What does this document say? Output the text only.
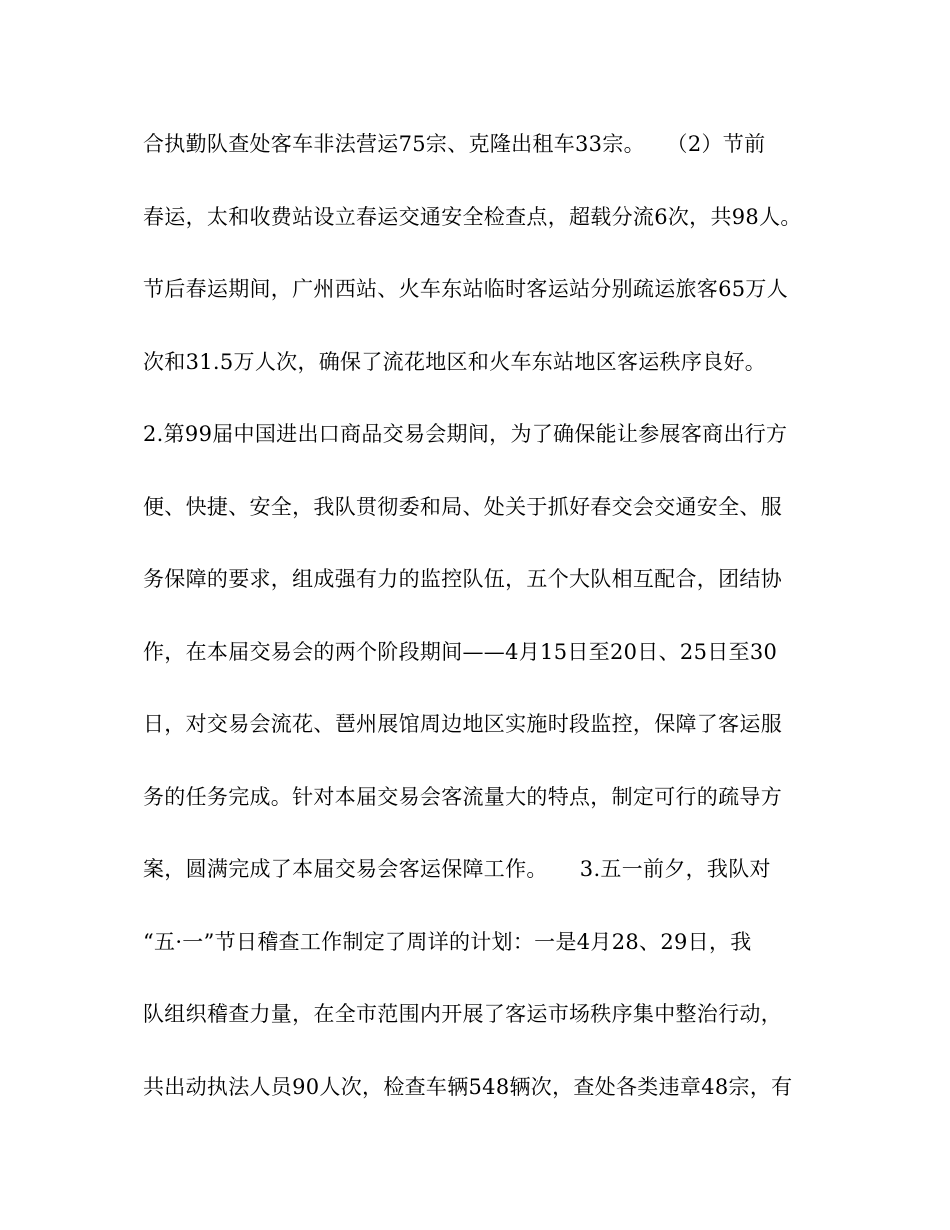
合执勤队查处客车非法营运75宗、克隆出租车33宗。　　（2）节前
春运，太和收费站设立春运交通安全检查点，超载分流6次，共98人。
节后春运期间，广州西站、火车东站临时客运站分别疏运旅客65万人
次和31.5万人次，确保了流花地区和火车东站地区客运秩序良好。
2.第99届中国进出口商品交易会期间，为了确保能让参展客商出行方
便、快捷、安全，我队贯彻委和局、处关于抓好春交会交通安全、服
务保障的要求，组成强有力的监控队伍，五个大队相互配合，团结协
作，在本届交易会的两个阶段期间——4月15日至20日、25日至30
日，对交易会流花、琶州展馆周边地区实施时段监控，保障了客运服
务的任务完成。针对本届交易会客流量大的特点，制定可行的疏导方
案，圆满完成了本届交易会客运保障工作。　　3.五一前夕，我队对
“五·一”节日稽查工作制定了周详的计划：一是4月28、29日，我
队组织稽查力量，在全市范围内开展了客运市场秩序集中整治行动，
共出动执法人员90人次，检查车辆548辆次，查处各类违章48宗，有
